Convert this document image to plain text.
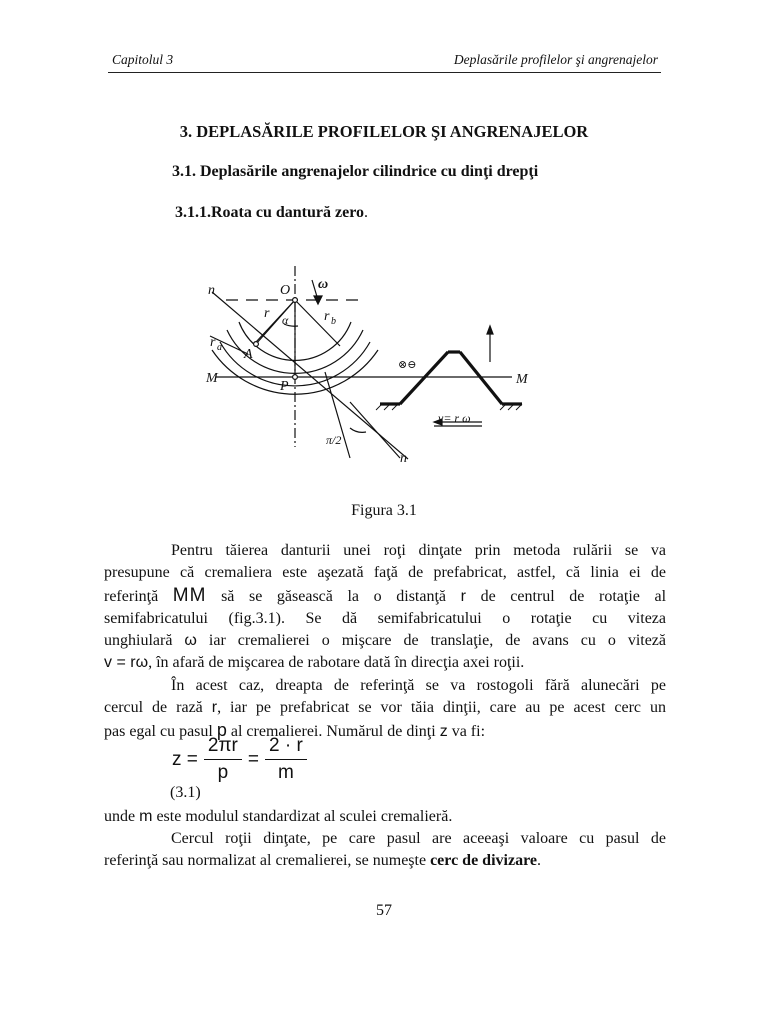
Capitolul 3	Deplasările profilelor şi angrenajelor
3. DEPLASĂRILE PROFILELOR ŞI ANGRENAJELOR
3.1. Deplasările angrenajelor cilindrice cu dinţi drepţi
3.1.1.Roata cu dantură zero.
n	O ω
r	r b
α
r a A
M
P	M
⊗⊖
v= r ω
π/2
n
Figura 3.1
Pentru tăierea danturii unei roţi dinţate prin metoda rulării se va
presupune că cremaliera este aşezată faţă de prefabricat, astfel, că linia ei de
referinţă MM să se găsească la o distanţă r de centrul de rotaţie al
semifabricatului (fig.3.1). Se dă semifabricatului o rotaţie cu viteza
unghiulară ω iar cremalierei o mişcare de translaţie, de avans cu o viteză
v = rω, în afară de mişcarea de rabotare dată în direcţia axei roţii.
În acest caz, dreapta de referinţă se va rostogoli fără alunecări pe
cercul de rază r, iar pe prefabricat se vor tăia dinţii, care au pe acest cerc un
pas egal cu pasul p al cremalierei. Numărul de dinţi z va fi:
$z = \frac{2\pi r}{p} = \frac{2 \cdot r}{m}$
(3.1)
unde m este modulul standardizat al sculei cremalieră.
Cercul roţii dinţate, pe care pasul are aceeaşi valoare cu pasul de
referinţă sau normalizat al cremalierei, se numeşte cerc de divizare.
57
